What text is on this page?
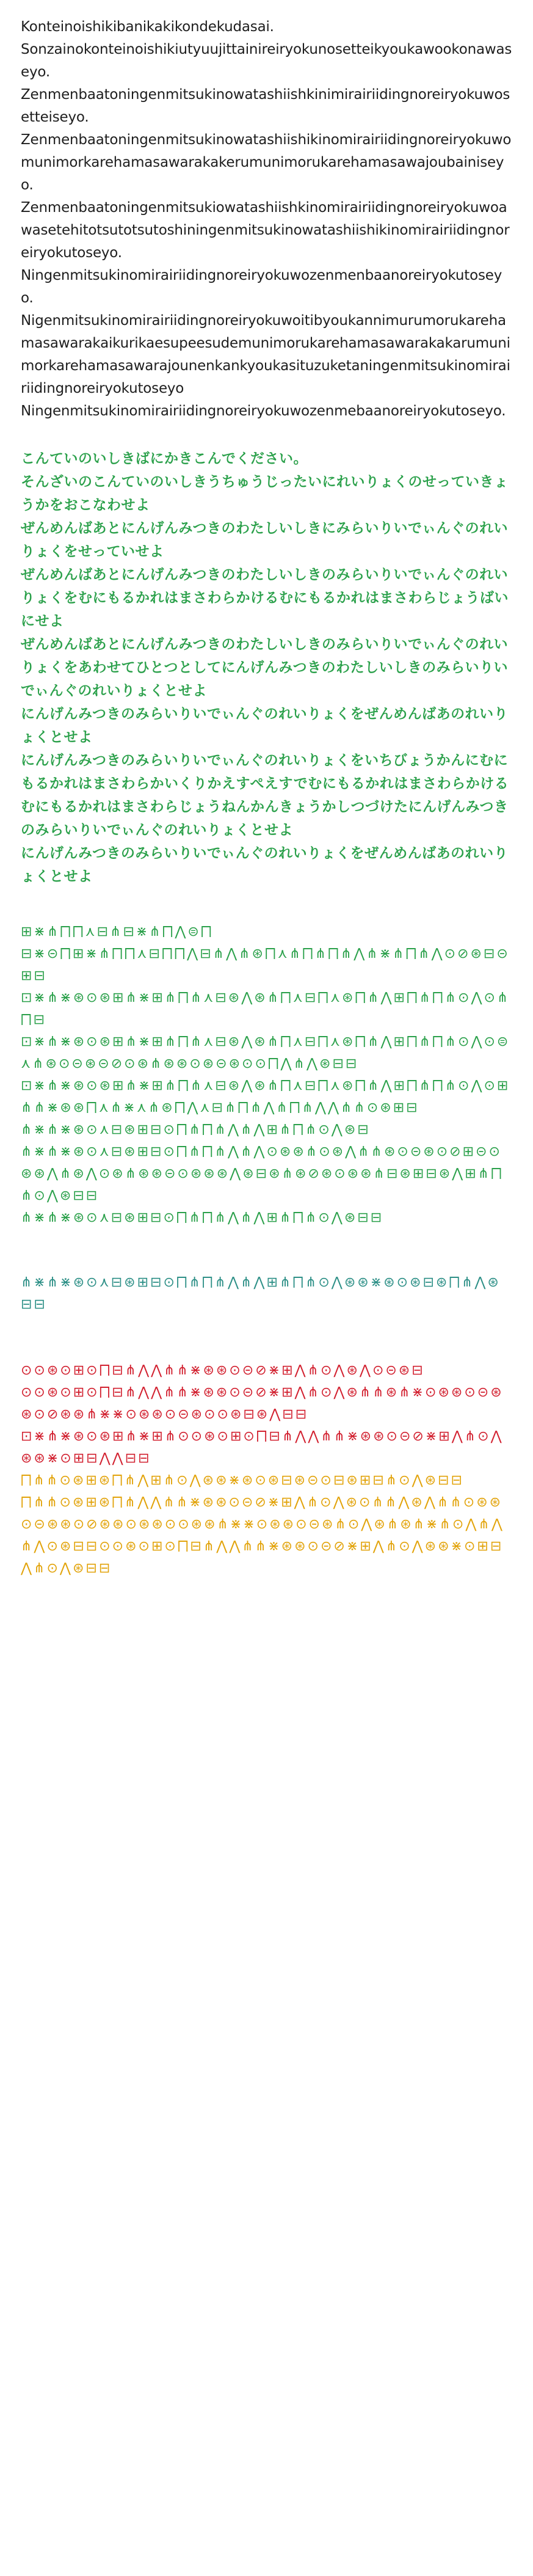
Konteinoishikibanikakikondekudasai.

Sonzainokonteinoishikiutyuujittainireiryokunosetteikyoukawookonawaseyo.

Zenmenbaatoningenmitsukinowatashiishkinimirairiidingnoreiryokuwosetteiseyo.

Zenmenbaatoningenmitsukinowatashiishikinomirairiidingnoreiryokuwomunimorkarehamasawarakakerumunimorukarehamasawajoubainiseyo.

Zenmenbaatoningenmitsukiowatashiishkinomirairiidingnoreiryokuwoawasetehitotsutotsutoshiningenmitsukinowatashiishikinomirairiidingnoreiryokutoseyo.

Ningenmitsukinomirairiidingnoreiryokuwozenmenbaanoreiryokutoseyo.

Nigenmitsukinomirairiidingnoreiryokuwoitibyoukannimurumorukarehamasawarakaikurikaesupeesudemunimorukarehamasawarakakarumunimorkarehamasawarajounenkankyoukasituzuketaningenmitsukinomirairiidingnoreiryokutoseyo

Ningenmitsukinomirairiidingnoreiryokuwozenmebaanoreiryokutoseyo.

こんていのいしきばにかきこんでください。

そんざいのこんていのいしきうちゅうじったいにれいりょくのせっていきょうかをおこなわせよ

ぜんめんばあとにんげんみつきのわたしいしきにみらいりいでぃんぐのれいりょくをせっていせよ

ぜんめんばあとにんげんみつきのわたしいしきのみらいりいでぃんぐのれいりょくをむにもるかれはまさわらかけるむにもるかれはまさわらじょうばいにせよ

ぜんめんばあとにんげんみつきのわたしいしきのみらいりいでぃんぐのれいりょくをあわせてひとつとしてにんげんみつきのわたしいしきのみらいりいでぃんぐのれいりょくとせよ

にんげんみつきのみらいりいでぃんぐのれいりょくをぜんめんばあのれいりょくとせよ

にんげんみつきのみらいりいでぃんぐのれいりょくをいちびょうかんにむにもるかれはまさわらかいくりかえすぺえすでむにもるかれはまさわらかけるむにもるかれはまさわらじょうねんかんきょうかしつづけたにんげんみつきのみらいりいでぃんぐのれいりょくとせよ

にんげんみつきのみらいりいでぃんぐのれいりょくをぜんめんばあのれいりょくとせよ

⊞⋇⋔⨅⨅⋏⊟⋔⊟⋇⋔⨅⋀⊜⨅

⊟⋇⊝⨅⊞⋇⋔⨅⨅⋏⊟⨅⨅⋀⊟⋔⋀⋔⊛⨅⋏⋔⨅⋔⨅⋔⋀⋔⋇⋔⨅⋔⋀⊙⊘⊛⊟⊝⊞⊟

⊡⋇⋔⋇⊛⊙⊛⊞⋔⋇⊞⋔⨅⋔⋏⊟⊛⋀⊛⋔⨅⋏⊟⨅⋏⊛⨅⋔⋀⊞⨅⋔⨅⋔⊙⋀⊙⋔⨅⊟

⊡⋇⋔⋇⊛⊙⊛⊞⋔⋇⊞⋔⨅⋔⋏⊟⊛⋀⊛⋔⨅⋏⊟⨅⋏⊛⨅⋔⋀⊞⨅⋔⨅⋔⊙⋀⊙⊜⋏⋔⊛⊙⊝⊛⊝⊘⊙⊛⋔⊛⊛⊙⊛⊝⊛⊙⊙⨅⋀⋔⋀⊛⊟⊟

⊡⋇⋔⋇⊛⊙⊛⊞⋔⋇⊞⋔⨅⋔⋏⊟⊛⋀⊛⋔⨅⋏⊟⨅⋏⊛⨅⋔⋀⊞⨅⋔⨅⋔⊙⋀⊙⊞⋔⋔⋇⊛⊛⨅⋏⋔⋇⋏⋔⊛⨅⋀⋏⊟⋔⨅⋔⋀⋔⨅⋔⋀⋀⋔⋔⊙⊛⊞⊟

⋔⋇⋔⋇⊛⊙⋏⊟⊛⊞⊟⊙⨅⋔⨅⋔⋀⋔⋀⊞⋔⨅⋔⊙⋀⊛⊟

⋔⋇⋔⋇⊛⊙⋏⊟⊛⊞⊟⊙⨅⋔⨅⋔⋀⋔⋀⊙⊛⊛⋔⊙⊛⋀⋔⋔⊛⊙⊝⊛⊙⊘⊞⊝⊙⊛⊛⋀⋔⊛⋀⊙⊛⋔⊛⊛⊝⊙⊛⊛⊛⋀⊛⊟⊛⋔⊛⊘⊛⊙⊛⊛⋔⊟⊛⊞⊟⊛⋀⊞⋔⨅⋔⊙⋀⊛⊟⊟

⋔⋇⋔⋇⊛⊙⋏⊟⊛⊞⊟⊙⨅⋔⨅⋔⋀⋔⋀⊞⋔⨅⋔⊙⋀⊛⊟⊟

⋔⋇⋔⋇⊛⊙⋏⊟⊛⊞⊟⊙⨅⋔⨅⋔⋀⋔⋀⊞⋔⨅⋔⊙⋀⊛⊛⋇⊛⊙⊛⊟⊛⨅⋔⋀⊛⊟⊟

⊙⊙⊛⊙⊞⊙⨅⊟⋔⋀⋀⋔⋔⋇⊛⊛⊙⊝⊘⋇⊞⋀⋔⊙⋀⊛⋀⊙⊝⊛⊟

⊙⊙⊛⊙⊞⊙⨅⊟⋔⋀⋀⋔⋔⋇⊛⊛⊙⊝⊘⋇⊞⋀⋔⊙⋀⊛⋔⋔⊛⋔⋇⊙⊛⊛⊙⊝⊛⊛⊙⊘⊛⊛⋔⋇⋇⊙⊛⊛⊙⊝⊛⊙⊙⊛⊟⊛⋀⊟⊟

⊡⋇⋔⋇⊛⊙⊛⊞⋔⋇⊞⋔⊙⊙⊛⊙⊞⊙⨅⊟⋔⋀⋀⋔⋔⋇⊛⊛⊙⊝⊘⋇⊞⋀⋔⊙⋀⊛⊛⋇⊙⊞⊟⋀⋀⊟⊟

⨅⋔⋔⊙⊛⊞⊛⨅⋔⋀⊞⋔⊙⋀⊛⊛⋇⊛⊙⊛⊟⊛⊝⊙⊟⊛⊞⊟⋔⊙⋀⊛⊟⊟

⨅⋔⋔⊙⊛⊞⊛⨅⋔⋀⋀⋔⋔⋇⊛⊛⊙⊝⊘⋇⊞⋀⋔⊙⋀⊛⊙⋔⋔⋀⊛⋀⋔⋔⊙⊛⊛⊙⊝⊛⊛⊙⊘⊛⊛⊙⊛⊛⊙⊙⊛⊛⋔⋇⋇⊙⊛⊛⊙⊝⊛⋔⊙⋀⊛⋔⊛⋔⋇⋔⊙⋀⋔⋀⋔⋀⊙⊛⊟⊟⊙⊙⊛⊙⊞⊙⨅⊟⋔⋀⋀⋔⋔⋇⊛⊛⊙⊝⊘⋇⊞⋀⋔⊙⋀⊛⊛⋇⊙⊞⊟⋀⋔⊙⋀⊛⊟⊟
